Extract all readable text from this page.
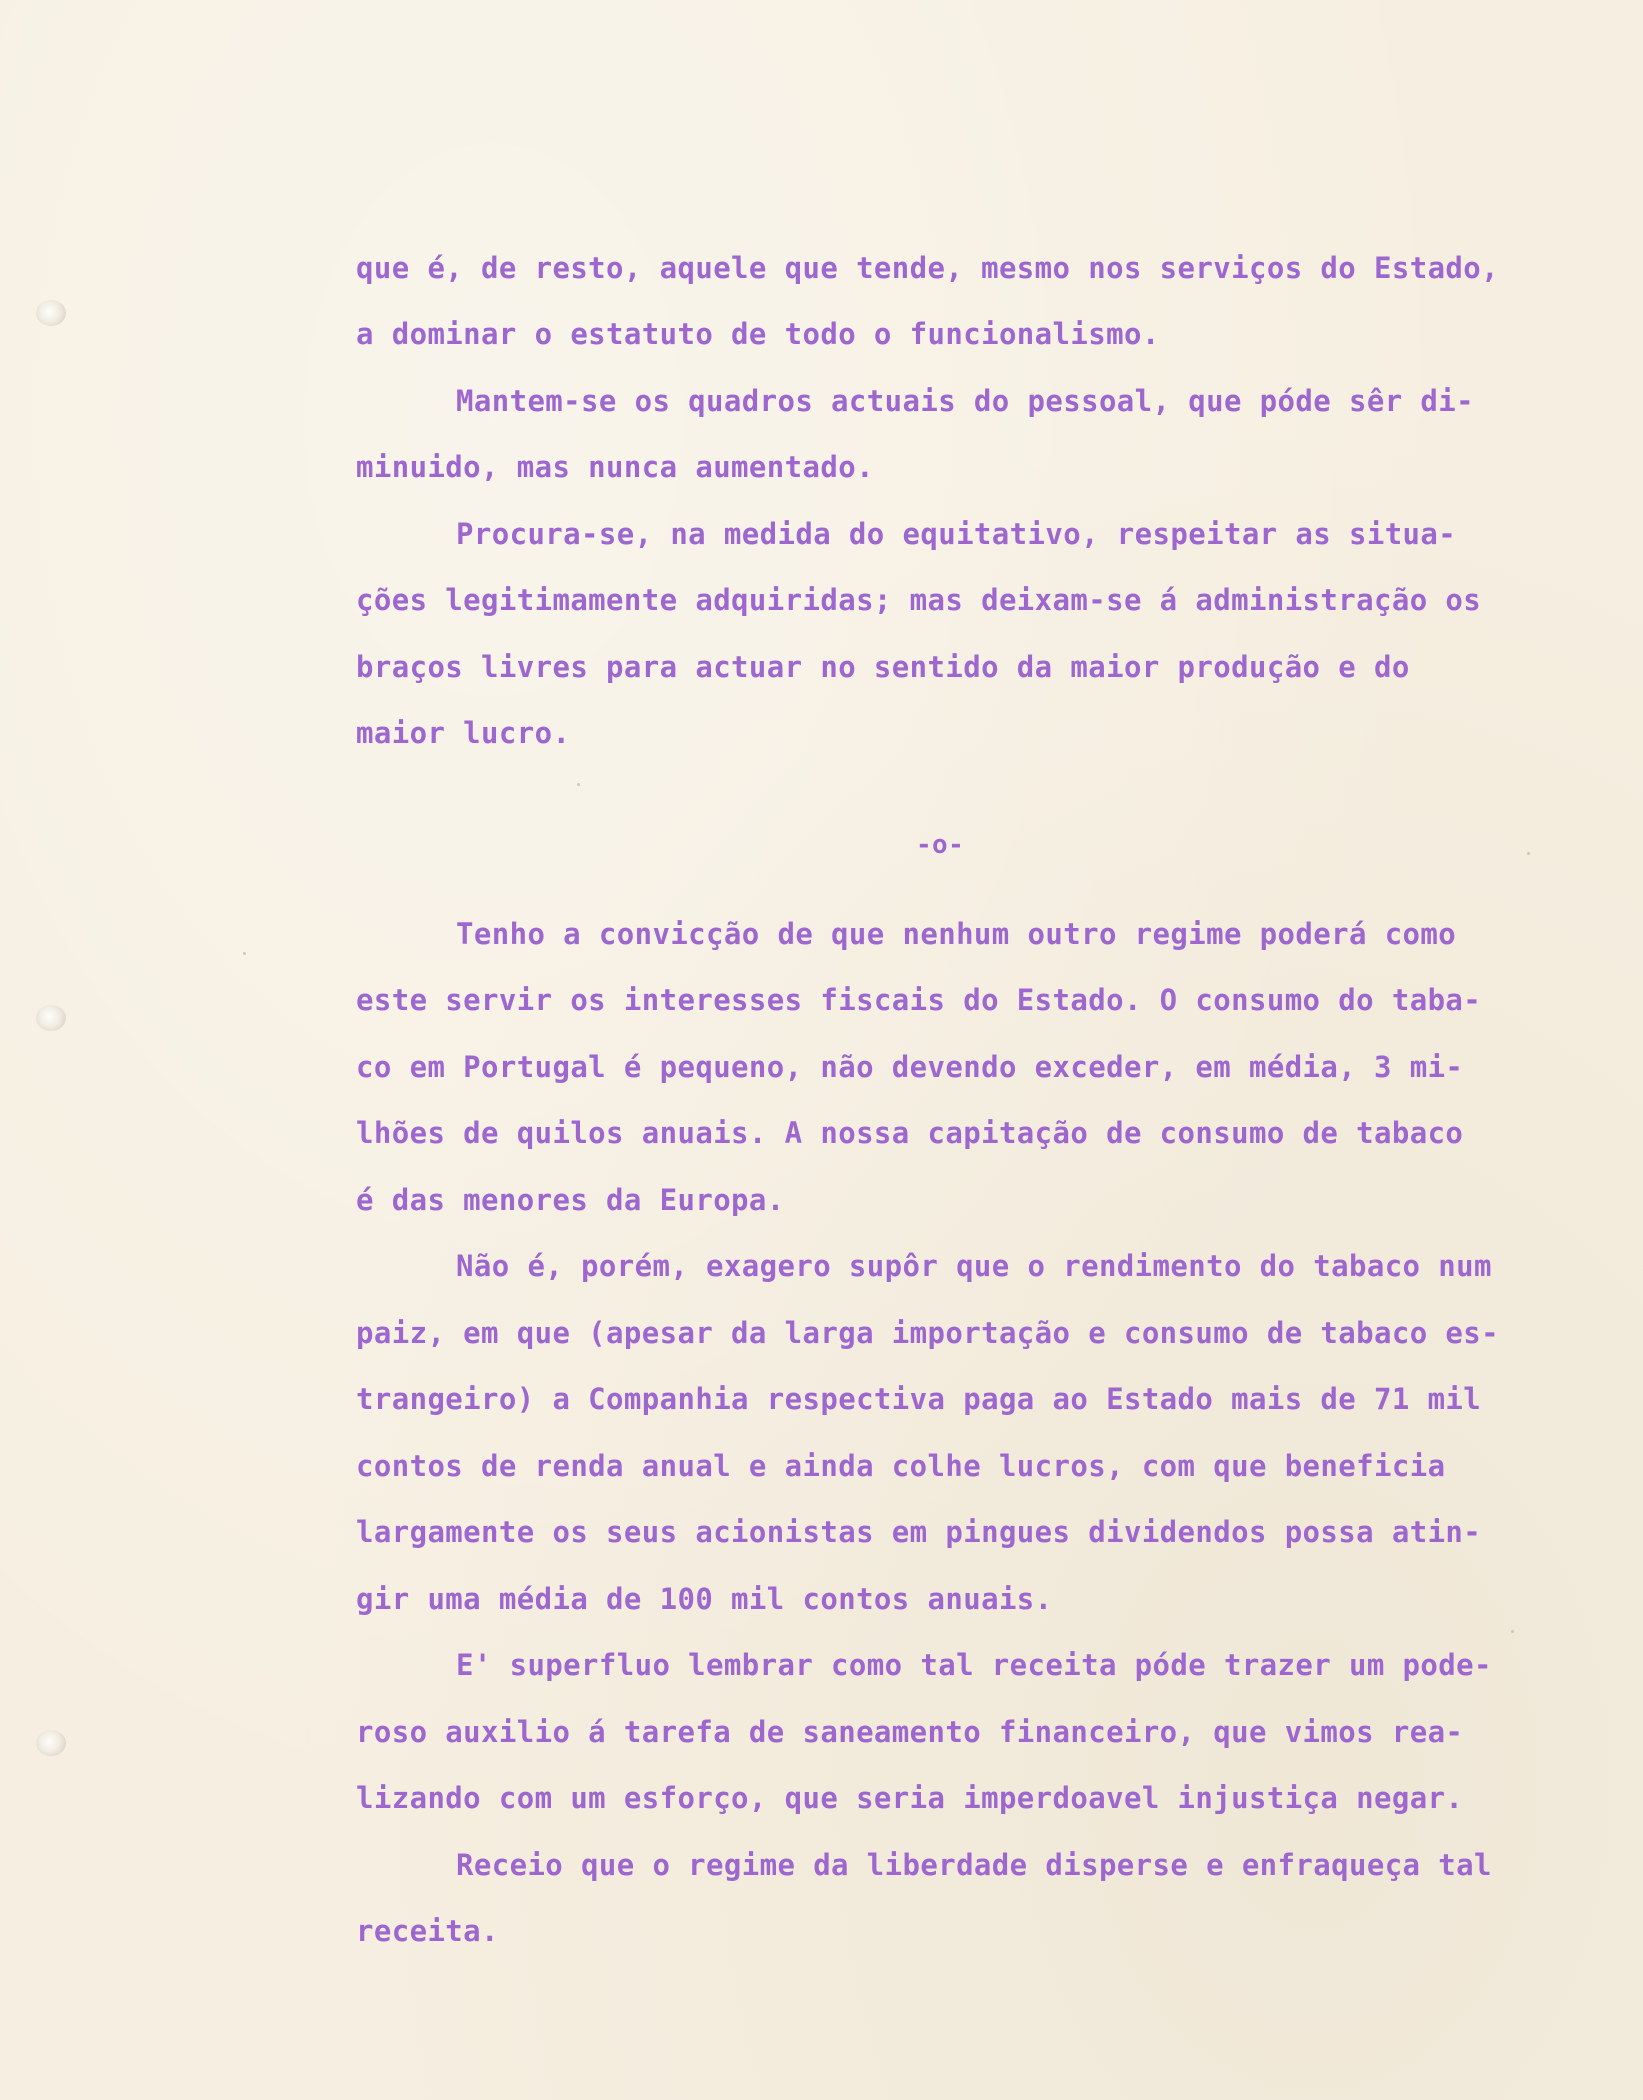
que é, de resto, aquele que tende, mesmo nos serviços do Estado,
a dominar o estatuto de todo o funcionalismo.
Mantem-se os quadros actuais do pessoal, que póde sêr di-
minuido, mas nunca aumentado.
Procura-se, na medida do equitativo, respeitar as situa-
ções legitimamente adquiridas; mas deixam-se á administração os
braços livres para actuar no sentido da maior produção e do
maior lucro.
-o-
Tenho a convicção de que nenhum outro regime poderá como
este servir os interesses fiscais do Estado. O consumo do taba-
co em Portugal é pequeno, não devendo exceder, em média, 3 mi-
lhões de quilos anuais. A nossa capitação de consumo de tabaco
é das menores da Europa.
Não é, porém, exagero supôr que o rendimento do tabaco num
paiz, em que (apesar da larga importação e consumo de tabaco es-
trangeiro) a Companhia respectiva paga ao Estado mais de 71 mil
contos de renda anual e ainda colhe lucros, com que beneficia
largamente os seus acionistas em pingues dividendos possa atin-
gir uma média de 100 mil contos anuais.
E' superfluo lembrar como tal receita póde trazer um pode-
roso auxilio á tarefa de saneamento financeiro, que vimos rea-
lizando com um esforço, que seria imperdoavel injustiça negar.
Receio que o regime da liberdade disperse e enfraqueça tal
receita.
